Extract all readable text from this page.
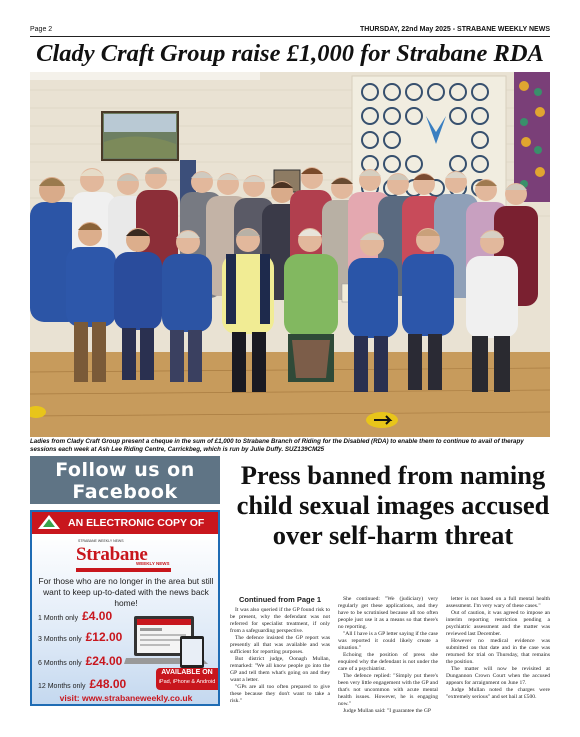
Page 2	THURSDAY, 22nd May 2025 - STRABANE WEEKLY NEWS
Clady Craft Group raise £1,000 for Strabane RDA
Ladies from Clady Craft Group present a cheque in the sum of £1,000 to Strabane Branch of Riding for the Disabled (RDA) to enable them to continue to avail of therapy sessions each week at Ash Lee Riding Centre, Carrickbeg, which is run by Julie Duffy. SUZ139CM25
Follow us on
Facebook
AN ELECTRONIC COPY OF
STRABANE WEEKLY NEWS
Strabane
WEEKLY NEWS
For those who are no longer in the area but still want to keep up-to-dated with the news back home!
1 Month only £4.00
3 Months only £12.00
6 Months only £24.00
12 Months only £48.00
AVAILABLE ON
iPad, iPhone & Android
visit: www.strabaneweekly.co.uk
Press banned from naming child sexual images accused over self-harm threat
Continued from Page 1

It was also queried if the GP found risk to be present, why the defendant was not referred for specialist treatment, if only from a safeguarding perspective.

The defence insisted the GP report was presently all that was available and was sufficient for reporting purposes.

But district judge, Oonagh Mullan, remarked: "We all know people go into the GP and tell them what's going on and they want a letter.

"GPs are all too often prepared to give these because they don't want to take a risk."

She continued: "We (judiciary) very regularly get these applications, and they have to be scrutinised because all too often people just use it as a means so that there's no reporting.

"All I have is a GP letter saying if the case was reported it could likely create a situation."

Echoing the position of press she enquired why the defendant is not under the care of a psychiatrist.

The defence replied: "Simply put there's been very little engagement with the GP and that's not uncommon with acute mental health issues. However, he is engaging now."

Judge Mullan said: "I guarantee the GP

letter is not based on a full mental health assessment. I'm very wary of these cases."

Out of caution, it was agreed to impose an interim reporting restriction pending a psychiatric assessment and the matter was reviewed last December.

However no medical evidence was submitted on that date and in the case was returned for trial on Thursday, that remains the position.

The matter will now be revisited at Dungannon Crown Court when the accused appears for arraignment on June 17.

Judge Mullan noted the charges were "extremely serious" and set bail at £500.
